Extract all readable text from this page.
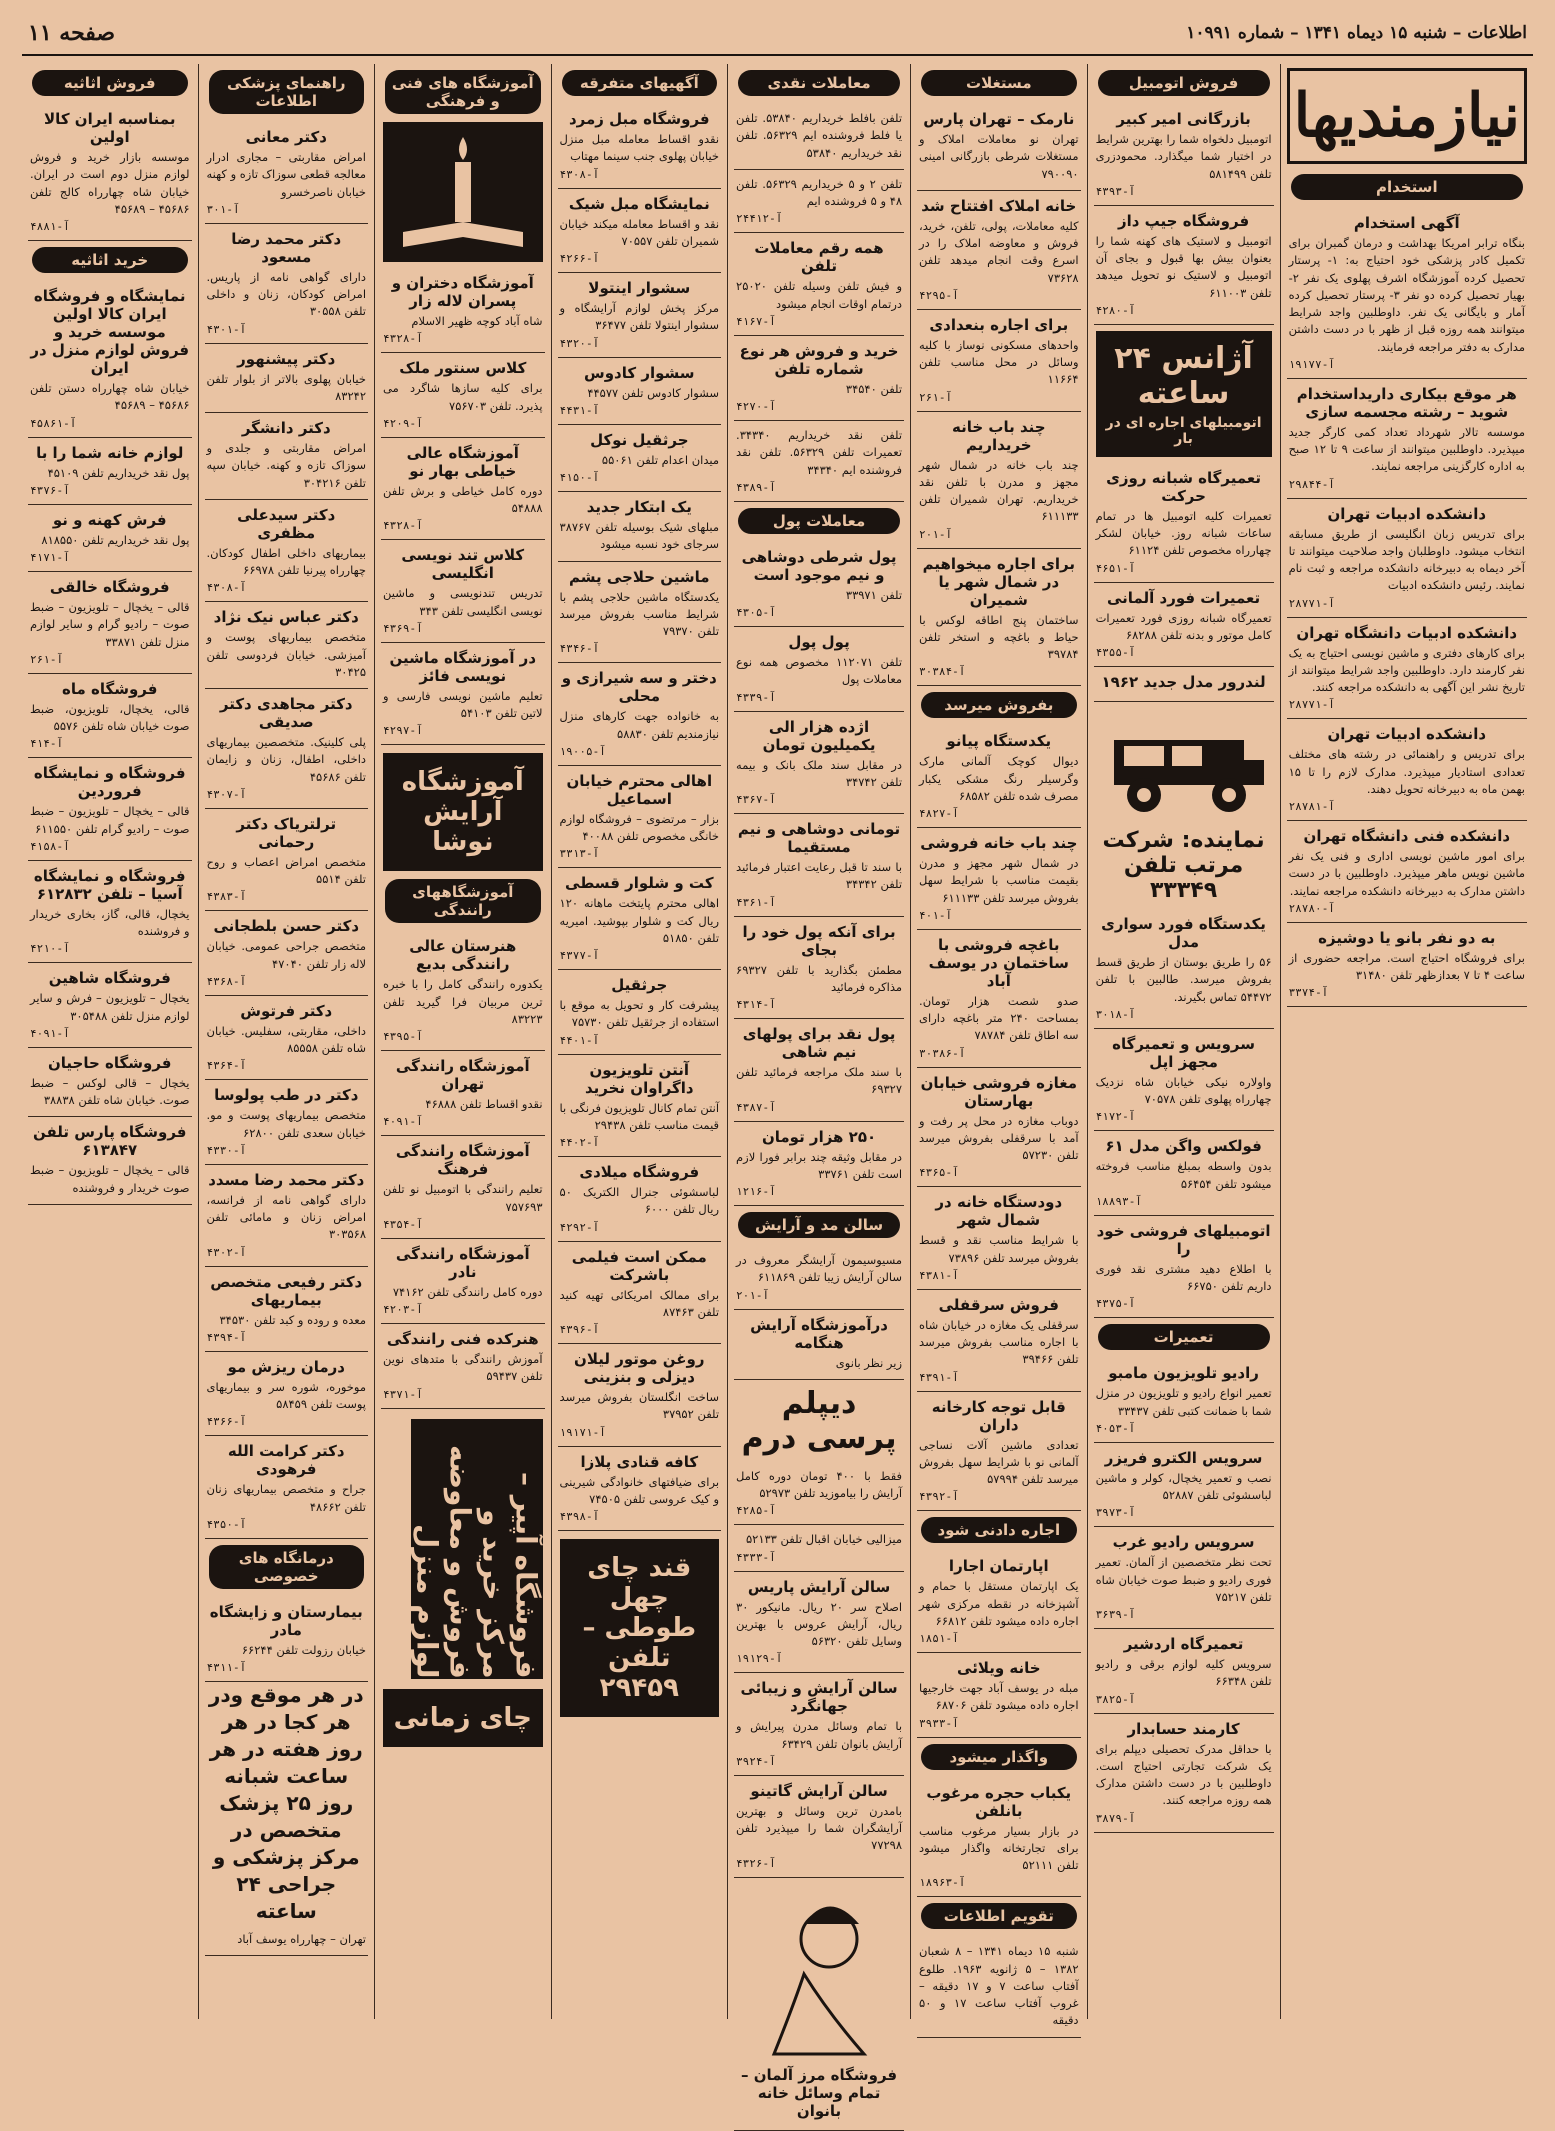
اطلاعات – شنبه ۱۵ دیماه ۱۳۴۱ – شماره ۱۰۹۹۱
صفحه ۱۱
نیازمندیها
استخدام
آگهی استخدام
بنگاه ترابر امریکا بهداشت و درمان گمبران برای تکمیل کادر پزشکی خود احتیاج به: ۱- پرستار تحصیل کرده آموزشگاه اشرف پهلوی یک نفر ۲- بهیار تحصیل کرده دو نفر ۳- پرستار تحصیل کرده آمار و بایگانی یک نفر. داوطلبین واجد شرایط میتوانند همه روزه قبل از ظهر با در دست داشتن مدارک به دفتر مراجعه فرمایند.
آ-۱۹۱۷۷
هر موقع بیکاری داریداستخدام شوید – رشته مجسمه سازی
موسسه تالار شهرداد تعداد کمی کارگر جدید میپذیرد. داوطلبین میتوانند از ساعت ۹ تا ۱۲ صبح به اداره کارگزینی مراجعه نمایند.
آ-۲۹۸۴۴
دانشکده ادبیات تهران
برای تدریس زبان انگلیسی از طریق مسابقه انتخاب میشود. داوطلبان واجد صلاحیت میتوانند تا آخر دیماه به دبیرخانه دانشکده مراجعه و ثبت نام نمایند. رئیس دانشکده ادبیات
آ-۲۸۷۷۱
دانشکده ادبیات دانشگاه تهران
برای کارهای دفتری و ماشین نویسی احتیاج به یک نفر کارمند دارد. داوطلبین واجد شرایط میتوانند از تاریخ نشر این آگهی به دانشکده مراجعه کنند.
آ-۲۸۷۷۱
دانشکده ادبیات تهران
برای تدریس و راهنمائی در رشته های مختلف تعدادی استادیار میپذیرد. مدارک لازم را تا ۱۵ بهمن ماه به دبیرخانه تحویل دهند.
آ-۲۸۷۸۱
دانشکده فنی دانشگاه تهران
برای امور ماشین نویسی اداری و فنی یک نفر ماشین نویس ماهر میپذیرد. داوطلبین با در دست داشتن مدارک به دبیرخانه دانشکده مراجعه نمایند.
آ-۲۸۷۸۰
به دو نفر بانو یا دوشیزه
برای فروشگاه احتیاج است. مراجعه حضوری از ساعت ۴ تا ۷ بعدازظهر تلفن ۳۱۴۸۰
آ-۳۳۷۴
فروش اتومبیل
بازرگانی امیر کبیر
اتومبیل دلخواه شما را بهترین شرایط در اختیار شما میگذارد. محمودزری تلفن ۵۸۱۴۹۹
آ-۴۳۹۳
فروشگاه جیپ داز
اتومبیل و لاستیک های کهنه شما را بعنوان بیش بها قبول و بجای آن اتومبیل و لاستیک نو تحویل میدهد تلفن ۶۱۱۰۰۳
آ-۴۲۸۰
آژانس ۲۴ ساعته
اتومبیلهای اجاره ای در بار
تعمیرگاه شبانه روزی حرکت
تعمیرات کلیه اتومبیل ها در تمام ساعات شبانه روز. خیابان لشکر چهارراه مخصوص تلفن ۶۱۱۲۴
آ-۴۶۵۱
تعمیرات فورد آلمانی
تعمیرگاه شبانه روزی فورد تعمیرات کامل موتور و بدنه تلفن ۶۸۲۸۸
آ-۴۳۵۵
لندرور مدل جدید ۱۹۶۲
نماینده: شرکت مرتب تلفن ۳۳۳۴۹
یکدستگاه فورد سواری مدل
۵۶ را طریق بوستان از طریق قسط بفروش میرسد. طالبین با تلفن ۵۴۴۷۲ تماس بگیرند.
آ-۳۰۱۸
سرویس و تعمیرگاه مجهز اپل
واولاره نیکی خیابان شاه نزدیک چهارراه پهلوی تلفن ۷۰۵۷۸
آ-۴۱۷۲
فولکس واگن مدل ۶۱
بدون واسطه بمبلغ مناسب فروخته میشود تلفن ۵۶۴۵۴
آ-۱۸۸۹۳
اتومبیلهای فروشی خود را
با اطلاع دهید مشتری نقد فوری داریم تلفن ۶۶۷۵۰
آ-۴۳۷۵
تعمیرات
رادیو تلویزیون مامبو
تعمیر انواع رادیو و تلویزیون در منزل شما با ضمانت کتبی تلفن ۳۳۴۳۷
آ-۴۰۵۳
سرویس الکترو فریزر
نصب و تعمیر یخچال، کولر و ماشین لباسشوئی تلفن ۵۲۸۸۷
آ-۳۹۷۳
سرویس رادیو غرب
تحت نظر متخصصین از آلمان. تعمیر فوری رادیو و ضبط صوت خیابان شاه تلفن ۷۵۲۱۷
آ-۳۶۳۹
تعمیرگاه اردشیر
سرویس کلیه لوازم برقی و رادیو تلفن ۶۶۳۴۸
آ-۳۸۲۵
کارمند حسابدار
با حداقل مدرک تحصیلی دیپلم برای یک شرکت تجارتی احتیاج است. داوطلبین با در دست داشتن مدارک همه روزه مراجعه کنند.
آ-۳۸۷۹
مستغلات
نارمک – تهران پارس
تهران نو معاملات املاک و مستغلات شرطی بازرگانی امینی ۷۹۰۰۹۰
خانه املاک افتتاح شد
کلیه معاملات، پولی، تلفن، خرید، فروش و معاوضه املاک را در اسرع وقت انجام میدهد تلفن ۷۳۶۲۸
آ-۴۲۹۵
برای اجاره بنعدادی
واحدهای مسکونی نوساز با کلیه وسائل در محل مناسب تلفن ۱۱۶۶۴
آ-۲۶۱
چند باب خانه خریداریم
چند باب خانه در شمال شهر مجهز و مدرن با تلفن نقد خریداریم. تهران شمیران تلفن ۶۱۱۱۳۳
آ-۲۰۱
برای اجاره میخواهیم در شمال شهر یا شمیران
ساختمان پنج اطاقه لوکس با حیاط و باغچه و استخر تلفن ۳۹۷۸۴
آ-۳۰۳۸۴
بفروش میرسد
یکدستگاه پیانو
دیوال کوچک آلمانی مارک وگرسیلر رنگ مشکی یکبار مصرف شده تلفن ۶۸۵۸۲
آ-۴۸۲۷
چند باب خانه فروشی
در شمال شهر مجهز و مدرن بقیمت مناسب با شرایط سهل بفروش میرسد تلفن ۶۱۱۱۳۳
آ-۴۰۱
باغچه فروشی با ساختمان در یوسف آباد
صدو شصت هزار تومان. بمساحت ۲۴۰ متر باغچه دارای سه اطاق تلفن ۷۸۷۸۴
آ-۳۰۳۸۶
مغازه فروشی خیابان بهارستان
دوباب مغازه در محل پر رفت و آمد با سرقفلی بفروش میرسد تلفن ۵۷۲۳۰
آ-۴۳۶۵
دودستگاه خانه در شمال شهر
با شرایط مناسب نقد و قسط بفروش میرسد تلفن ۷۳۸۹۶
آ-۴۳۸۱
فروش سرقفلی
سرقفلی یک مغازه در خیابان شاه با اجاره مناسب بفروش میرسد تلفن ۳۹۴۶۶
آ-۴۳۹۱
قابل توجه کارخانه داران
تعدادی ماشین آلات نساجی آلمانی نو با شرایط سهل بفروش میرسد تلفن ۵۷۹۹۴
آ-۴۳۹۲
اجاره دادنی شود
اپارتمان اجارا
یک اپارتمان مستقل با حمام و آشپزخانه در نقطه مرکزی شهر اجاره داده میشود تلفن ۶۶۸۱۲
آ-۱۸۵۱
خانه ویلائی
مبله در یوسف آباد جهت خارجیها اجاره داده میشود تلفن ۶۸۷۰۶
آ-۳۹۳۳
واگذار میشود
یکباب حجره مرغوب بانلفن
در بازار بسیار مرغوب مناسب برای تجارتخانه واگذار میشود تلفن ۵۲۱۱۱
آ-۱۸۹۶۳
تقویم اطلاعات
شنبه ۱۵ دیماه ۱۳۴۱ – ۸ شعبان ۱۳۸۲ – ۵ ژانویه ۱۹۶۳. طلوع آفتاب ساعت ۷ و ۱۷ دقیقه – غروب آفتاب ساعت ۱۷ و ۵۰ دقیقه
معاملات نقدی
تلفن بافلط خریداریم ۵۳۸۴۰. تلفن یا فلط فروشنده ایم ۵۶۳۲۹. تلفن نقد خریداریم ۵۳۸۴۰
تلفن ۲ و ۵ خریداریم ۵۶۳۲۹. تلفن ۴۸ و ۵ فروشنده ایم
آ-۲۴۴۱۲
همه رقم معاملات تلفن
و فیش تلفن وسیله تلفن ۲۵۰۲۰ درتمام اوقات انجام میشود
آ-۴۱۶۷
خرید و فروش هر نوع شماره تلفن
تلفن ۳۴۵۴۰
آ-۴۲۷۰
تلفن نقد خریداریم ۳۴۳۴۰. تعمیرات تلفن ۵۶۳۲۹. تلفن نقد فروشنده ایم ۳۴۳۴۰
آ-۴۳۸۹
معاملات پول
پول شرطی دوشاهی و نیم موجود است
تلفن ۳۳۹۷۱
آ-۴۳۰۵
پول پول
تلفن ۱۱۲۰۷۱ مخصوص همه نوع معاملات پول
آ-۴۳۳۹
اژده هزار الی یکمیلیون تومان
در مقابل سند ملک بانک و بیمه تلفن ۳۴۷۴۲
آ-۴۳۶۷
تومانی دوشاهی و نیم مستقیما
با سند تا قبل رعایت اعتبار فرمائید تلفن ۳۴۳۴۲
آ-۴۳۶۱
برای آنکه پول خود را بجای
مطمئن بگذارید با تلفن ۶۹۳۲۷ مذاکره فرمائید
آ-۴۳۱۴
پول نقد برای پولهای نیم شاهی
با سند ملک مراجعه فرمائید تلفن ۶۹۳۲۷
آ-۴۳۸۷
۲۵۰ هزار تومان
در مقابل وثیقه چند برابر فورا لازم است تلفن ۳۳۷۶۱
آ-۱۲۱۶
سالن مد و آرایش
مسیوسیمون آرایشگر معروف در سالن آرایش زیبا تلفن ۶۱۱۸۶۹
آ-۲۰۱
درآموزشگاه آرایش هنگامه
زیر نظر بانوی
دیپلم پرسی درم
فقط با ۴۰۰ تومان دوره کامل آرایش را بیاموزید تلفن ۵۲۹۷۳
آ-۴۲۸۵
میزالیی خیابان اقبال تلفن ۵۲۱۳۳
آ-۴۳۳۳
سالن آرایش پاریس
اصلاح سر ۲۰ ریال. مانیکور ۳۰ ریال، آرایش عروس با بهترین وسایل تلفن ۵۶۳۲۰
آ-۱۹۱۲۹
سالن آرایش و زیبائی جهانگرد
با تمام وسائل مدرن پیرایش و آرایش بانوان تلفن ۶۳۴۲۹
آ-۳۹۲۴
سالن آرایش گاتینو
بامدرن ترین وسائل و بهترین آرایشگران شما را میپذیرد تلفن ۷۷۲۹۸
آ-۴۳۲۶
فروشگاه مرز آلمان – تمام وسائل خانه بانوان
آگهیهای متفرقه
فروشگاه مبل زمرد
نقدو اقساط معامله مبل منزل خیابان پهلوی جنب سینما مهتاب
آ-۴۳۰۸
نمایشگاه مبل شیک
نقد و اقساط معامله میکند خیابان شمیران تلفن ۷۰۵۵۷
آ-۴۲۶۶
سشوار اینتولا
مرکز پخش لوازم آرایشگاه و سشوار اینتولا تلفن ۳۶۴۷۷
آ-۴۳۲۰
سشوار کادوس
سشوار کادوس تلفن ۴۴۵۷۷
آ-۴۴۳۱
جرثقیل نوکل
میدان اعدام تلفن ۵۵۰۶۱
آ-۴۱۵۰
یک ابتکار جدید
مبلهای شیک بوسیله تلفن ۳۸۷۶۷ سرجای خود نسبه میشود
ماشین حلاجی پشم
یکدستگاه ماشین حلاجی پشم با شرایط مناسب بفروش میرسد تلفن ۷۹۳۷۰
آ-۴۳۴۶
دختر و سه شیرازی و محلی
به خانواده جهت کارهای منزل نیازمندیم تلفن ۵۸۸۳۰
آ-۱۹۰۰۵
اهالی محترم خیابان اسماعیل
بزار – مرتضوی – فروشگاه لوازم خانگی مخصوص تلفن ۴۰۰۸۸
آ-۳۳۱۳
کت و شلوار قسطی
اهالی محترم پایتخت ماهانه ۱۲۰ ریال کت و شلوار بپوشید. امیریه تلفن ۵۱۸۵۰
آ-۴۳۷۷
جرثقیل
پیشرفت کار و تحویل به موقع با استفاده از جرثقیل تلفن ۷۵۷۳۰
آ-۴۴۰۱
آنتن تلویزیون داگراوان نخرید
آنتن تمام کانال تلویزیون فرنگی با قیمت مناسب تلفن ۲۹۴۳۸
آ-۴۴۰۲
فروشگاه میلادی
لباسشوئی جنرال الکتریک ۵۰ ریال تلفن ۶۰۰۰
آ-۴۲۹۲
ممکن است فیلمی باشرکت
برای ممالک امریکائی تهیه کنید تلفن ۸۷۴۶۳
آ-۴۳۹۶
روغن موتور لیلان دیزلی و بنزینی
ساخت انگلستان بفروش میرسد تلفن ۳۷۹۵۲
آ-۱۹۱۷۱
کافه قنادی پلازا
برای ضیافتهای خانوادگی شیرینی و کیک عروسی تلفن ۷۴۵۰۵
آ-۴۳۹۸
قند چای چهل طوطی – تلفن ۲۹۴۵۹
آموزشگاه های فنی و فرهنگی
آموزشگاه دختران و پسران لاله زار
شاه آباد کوچه ظهیر الاسلام
آ-۴۳۲۸
کلاس سنتور ملک
برای کلیه سازها شاگرد می پذیرد. تلفن ۷۵۶۷۰۳
آ-۴۲۰۹
آموزشگاه عالی خیاطی بهار نو
دوره کامل خیاطی و برش تلفن ۵۴۸۸۸
آ-۴۳۲۸
کلاس تند نویسی انگلیسی
تدریس تندنویسی و ماشین نویسی انگلیسی تلفن ۳۴۳
آ-۴۳۶۹
در آموزشگاه ماشین نویسی فائز
تعلیم ماشین نویسی فارسی و لاتین تلفن ۵۴۱۰۳
آ-۴۲۹۷
آموزشگاه آرایش نوشا
آموزشگاههای رانندگی
هنرستان عالی رانندگی بدیع
یکدوره رانندگی کامل را با خبره ترین مربیان فرا گیرید تلفن ۸۳۲۲۳
آ-۴۳۹۵
آموزشگاه رانندگی تهران
نقدو اقساط تلفن ۴۶۸۸۸
آ-۴۰۹۱
آموزشگاه رانندگی فرهنگ
تعلیم رانندگی با اتومبیل نو تلفن ۷۵۷۶۹۳
آ-۴۳۵۴
آموزشگاه رانندگی نادر
دوره کامل رانندگی تلفن ۷۴۱۶۲
آ-۴۲۰۳
هنرکده فنی رانندگی
آموزش رانندگی با متدهای نوین تلفن ۵۹۴۳۷
آ-۴۳۷۱
فروشگاه آپیر – مرکز خرید و فروش و معاوضه لوازم منزل
چای زمانی
راهنمای پزشکی اطلاعات
دکتر معانی
امراض مقاربتی – مجاری ادرار معالجه قطعی سوزاک تازه و کهنه خیابان ناصرخسرو
آ-۳۰۱
دکتر محمد رضا مسعود
دارای گواهی نامه از پاریس. امراض کودکان، زنان و داخلی تلفن ۳۰۵۵۸
آ-۴۳۰۱
دکتر پیشنهور
خیابان پهلوی بالاتر از بلوار تلفن ۸۳۲۴۲
دکتر دانشگر
امراض مقاربتی و جلدی و سوزاک تازه و کهنه. خیابان سپه تلفن ۳۰۴۲۱۶
دکتر سیدعلی مظفری
بیماریهای داخلی اطفال کودکان. چهارراه پیرنیا تلفن ۶۶۹۷۸
آ-۴۳۰۸
دکتر عباس نیک نژاد
متخصص بیماریهای پوست و آمیزشی. خیابان فردوسی تلفن ۳۰۴۲۵
دکتر مجاهدی دکتر صدیقی
پلی کلینیک. متخصصین بیماریهای داخلی، اطفال، زنان و زایمان تلفن ۴۵۶۸۶
آ-۴۳۰۷
ترلتریاک دکتر رحمانی
متخصص امراض اعصاب و روح تلفن ۵۵۱۴
آ-۴۳۸۳
دکتر حسن بلطجانی
متخصص جراحی عمومی. خیابان لاله زار تلفن ۴۷۰۴۰
آ-۴۳۶۸
دکتر فرتوش
داخلی، مقاربتی، سفلیس. خیابان شاه تلفن ۸۵۵۵۸
آ-۴۳۶۴
دکتر در طب پولوسا
متخصص بیماریهای پوست و مو. خیابان سعدی تلفن ۶۲۸۰۰
آ-۴۳۳۰
دکتر محمد رضا مسدد
دارای گواهی نامه از فرانسه، امراض زنان و مامائی تلفن ۳۰۳۵۶۸
آ-۴۳۰۲
دکتر رفیعی متخصص بیماریهای
معده و روده و کبد تلفن ۳۴۵۳۰
آ-۴۳۹۴
درمان ریزش مو
موخوره، شوره سر و بیماریهای پوست تلفن ۵۸۴۵۹
آ-۴۳۶۶
دکتر کرامت الله فرهودی
جراح و متخصص بیماریهای زنان تلفن ۴۸۶۶۲
آ-۴۳۵۰
درمانگاه های خصوصی
بیمارستان و زایشگاه مادر
خیابان رزولت تلفن ۶۶۲۴۴
آ-۴۳۱۱
در هر موقع ودر هر کجا در هر روز هفته در هر ساعت شبانه روز ۲۵ پزشک متخصص در مرکز پزشکی و جراحی ۲۴ ساعته
تهران – چهارراه یوسف آباد
فروش اثاثیه
بمناسبه ایران کالا اولین
موسسه بازار خرید و فروش لوازم منزل دوم است در ایران. خیابان شاه چهارراه کالج تلفن ۴۵۶۸۶ – ۴۵۶۸۹
آ-۴۸۸۱
خرید اثاثیه
نمایشگاه و فروشگاه ایران کالا اولین موسسه خرید و فروش لوازم منزل در ایران
خیابان شاه چهارراه دستن تلفن ۴۵۶۸۶ – ۴۵۶۸۹
آ-۴۵۸۶۱
لوازم خانه شما را با
پول نقد خریداریم تلفن ۴۵۱۰۹
آ-۴۳۷۶
فرش کهنه و نو
پول نقد خریداریم تلفن ۸۱۸۵۵۰
آ-۴۱۷۱
فروشگاه خالقی
قالی – یخچال – تلویزیون – ضبط صوت – رادیو گرام و سایر لوازم منزل تلفن ۳۳۸۷۱
آ-۲۶۱
فروشگاه ماه
قالی، یخچال، تلویزیون، ضبط صوت خیابان شاه تلفن ۵۵۷۶
آ-۴۱۴
فروشگاه و نمایشگاه فروردین
قالی – یخچال – تلویزیون – ضبط صوت – رادیو گرام تلفن ۶۱۱۵۵۰
آ-۴۱۵۸
فروشگاه و نمایشگاه آسیا – تلفن ۶۱۲۸۳۲
یخچال، قالی، گاز، بخاری خریدار و فروشنده
آ-۴۲۱۰
فروشگاه شاهین
یخچال – تلویزیون – فرش و سایر لوازم منزل تلفن ۳۰۵۴۸۸
آ-۴۰۹۱
فروشگاه حاجیان
یخچال – قالی لوکس – ضبط صوت. خیابان شاه تلفن ۳۸۸۳۸
فروشگاه پارس تلفن ۶۱۳۸۴۷
قالی – یخچال – تلویزیون – ضبط صوت خریدار و فروشنده
